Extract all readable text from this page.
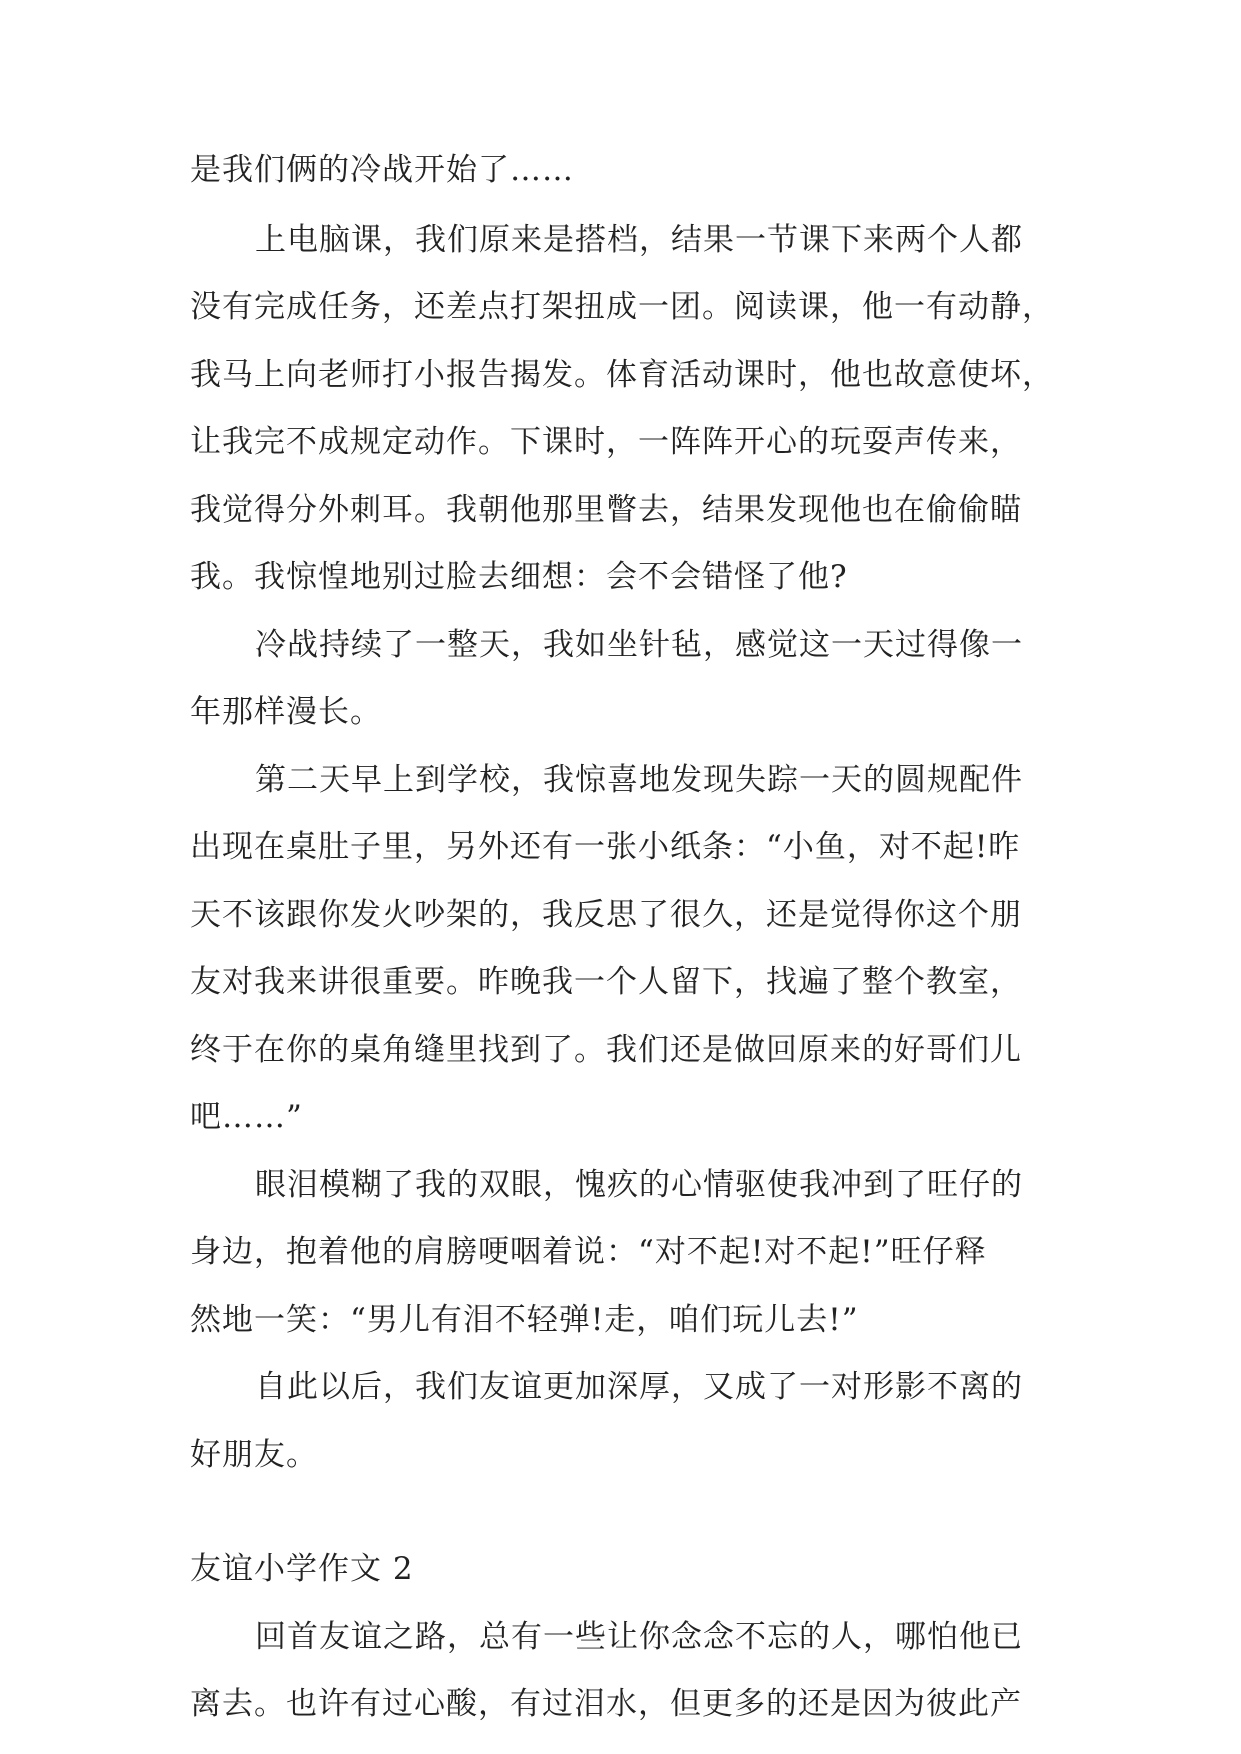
是我们俩的冷战开始了……
上电脑课，我们原来是搭档，结果一节课下来两个人都
没有完成任务，还差点打架扭成一团。阅读课，他一有动静，
我马上向老师打小报告揭发。体育活动课时，他也故意使坏，
让我完不成规定动作。下课时，一阵阵开心的玩耍声传来，
我觉得分外刺耳。我朝他那里瞥去，结果发现他也在偷偷瞄
我。我惊惶地别过脸去细想：会不会错怪了他?
冷战持续了一整天，我如坐针毡，感觉这一天过得像一
年那样漫长。
第二天早上到学校，我惊喜地发现失踪一天的圆规配件
出现在桌肚子里，另外还有一张小纸条：“小鱼，对不起!昨
天不该跟你发火吵架的，我反思了很久，还是觉得你这个朋
友对我来讲很重要。昨晚我一个人留下，找遍了整个教室，
终于在你的桌角缝里找到了。我们还是做回原来的好哥们儿
吧……”
眼泪模糊了我的双眼，愧疚的心情驱使我冲到了旺仔的
身边，抱着他的肩膀哽咽着说：“对不起!对不起!”旺仔释
然地一笑：“男儿有泪不轻弹!走，咱们玩儿去!”
自此以后，我们友谊更加深厚，又成了一对形影不离的
好朋友。
友谊小学作文 2
回首友谊之路，总有一些让你念念不忘的人，哪怕他已
离去。也许有过心酸，有过泪水，但更多的还是因为彼此产
